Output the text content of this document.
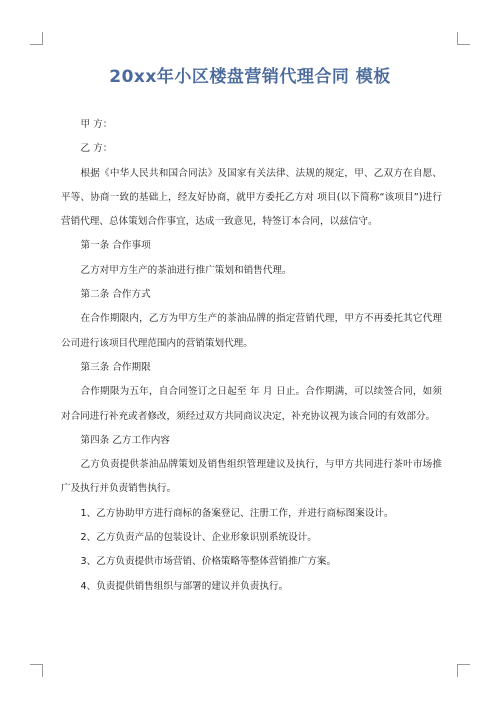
20xx年小区楼盘营销代理合同 模板

甲 方：

乙 方：

根据《中华人民共和国合同法》及国家有关法律、法规的规定，甲、乙双方在自愿、平等、协商一致的基础上，经友好协商，就甲方委托乙方对 项目(以下简称“该项目”)进行营销代理、总体策划合作事宜，达成一致意见，特签订本合同，以兹信守。

第一条 合作事项

乙方对甲方生产的茶油进行推广策划和销售代理。

第二条 合作方式

在合作期限内，乙方为甲方生产的茶油品牌的指定营销代理，甲方不再委托其它代理公司进行该项目代理范围内的营销策划代理。

第三条 合作期限

合作期限为五年，自合同签订之日起至 年 月 日止。合作期满，可以续签合同，如须对合同进行补充或者修改，须经过双方共同商议决定，补充协议视为该合同的有效部分。

第四条 乙方工作内容

乙方负责提供茶油品牌策划及销售组织管理建议及执行，与甲方共同进行茶叶市场推广及执行并负责销售执行。

1、乙方协助甲方进行商标的备案登记、注册工作，并进行商标图案设计。

2、乙方负责产品的包装设计、企业形象识别系统设计。

3、乙方负责提供市场营销、价格策略等整体营销推广方案。

4、负责提供销售组织与部署的建议并负责执行。
